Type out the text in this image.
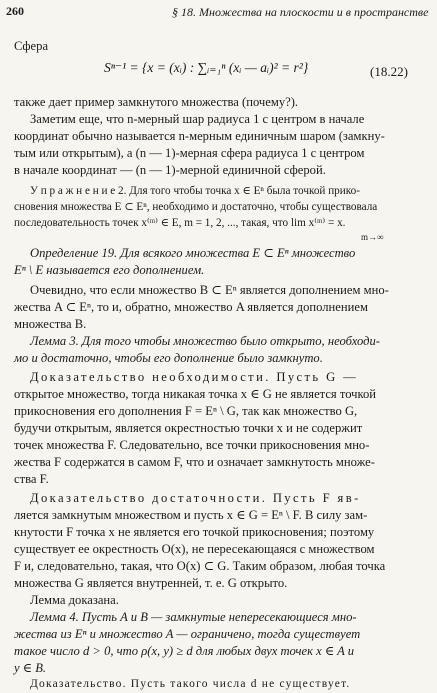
260	§ 18. Множества на плоскости и в пространстве

Сфера

Sⁿ⁻¹ = {x = (xᵢ) : ∑ᵢ₌₁ⁿ (xᵢ — aᵢ)² = r²}	(18.22)

также дает пример замкнутого множества (почему?).

Заметим еще, что n-мерный шар радиуса 1 с центром в начале

координат обычно называется n-мерным единичным шаром (замкну-

тым или открытым), а (n — 1)-мерная сфера радиуса 1 с центром

в начале координат — (n — 1)-мерной единичной сферой.

У п р а ж н е н и е 2. Для того чтобы точка x ∈ Eⁿ была точкой прико-

сновения множества E ⊂ Eⁿ, необходимо и достаточно, чтобы существовала

последовательность точек x⁽ᵐ⁾ ∈ E, m = 1, 2, ..., такая, что lim x⁽ᵐ⁾ = x.

m→∞

Определение 19. Для всякого множества E ⊂ Eⁿ множество

Eⁿ \ E называется его дополнением.

Очевидно, что если множество B ⊂ Eⁿ является дополнением мно-

жества A ⊂ Eⁿ, то и, обратно, множество A является дополнением

множества B.

Лемма 3. Для того чтобы множество было открыто, необходи-

мо и достаточно, чтобы его дополнение было замкнуто.

Доказательство необходимости. Пусть G —

открытое множество, тогда никакая точка x ∈ G не является точкой

прикосновения его дополнения F = Eⁿ \ G, так как множество G,

будучи открытым, является окрестностью точки x и не содержит

точек множества F. Следовательно, все точки прикосновения мно-

жества F содержатся в самом F, что и означает замкнутость множе-

ства F.

Доказательство достаточности. Пусть F яв-

ляется замкнутым множеством и пусть x ∈ G = Eⁿ \ F. В силу зам-

кнутости F точка x не является его точкой прикосновения; поэтому

существует ее окрестность O(x), не пересекающаяся с множеством

F и, следовательно, такая, что O(x) ⊂ G. Таким образом, любая точка

множества G является внутренней, т. е. G открыто.

Лемма доказана.

Лемма 4. Пусть A и B — замкнутые непересекающиеся мно-

жества из Eⁿ и множество A — ограничено, тогда существует

такое число d > 0, что ρ(x, y) ≥ d для любых двух точек x ∈ A и

y ∈ B.

Доказательство. Пусть такого числа d не существует.
